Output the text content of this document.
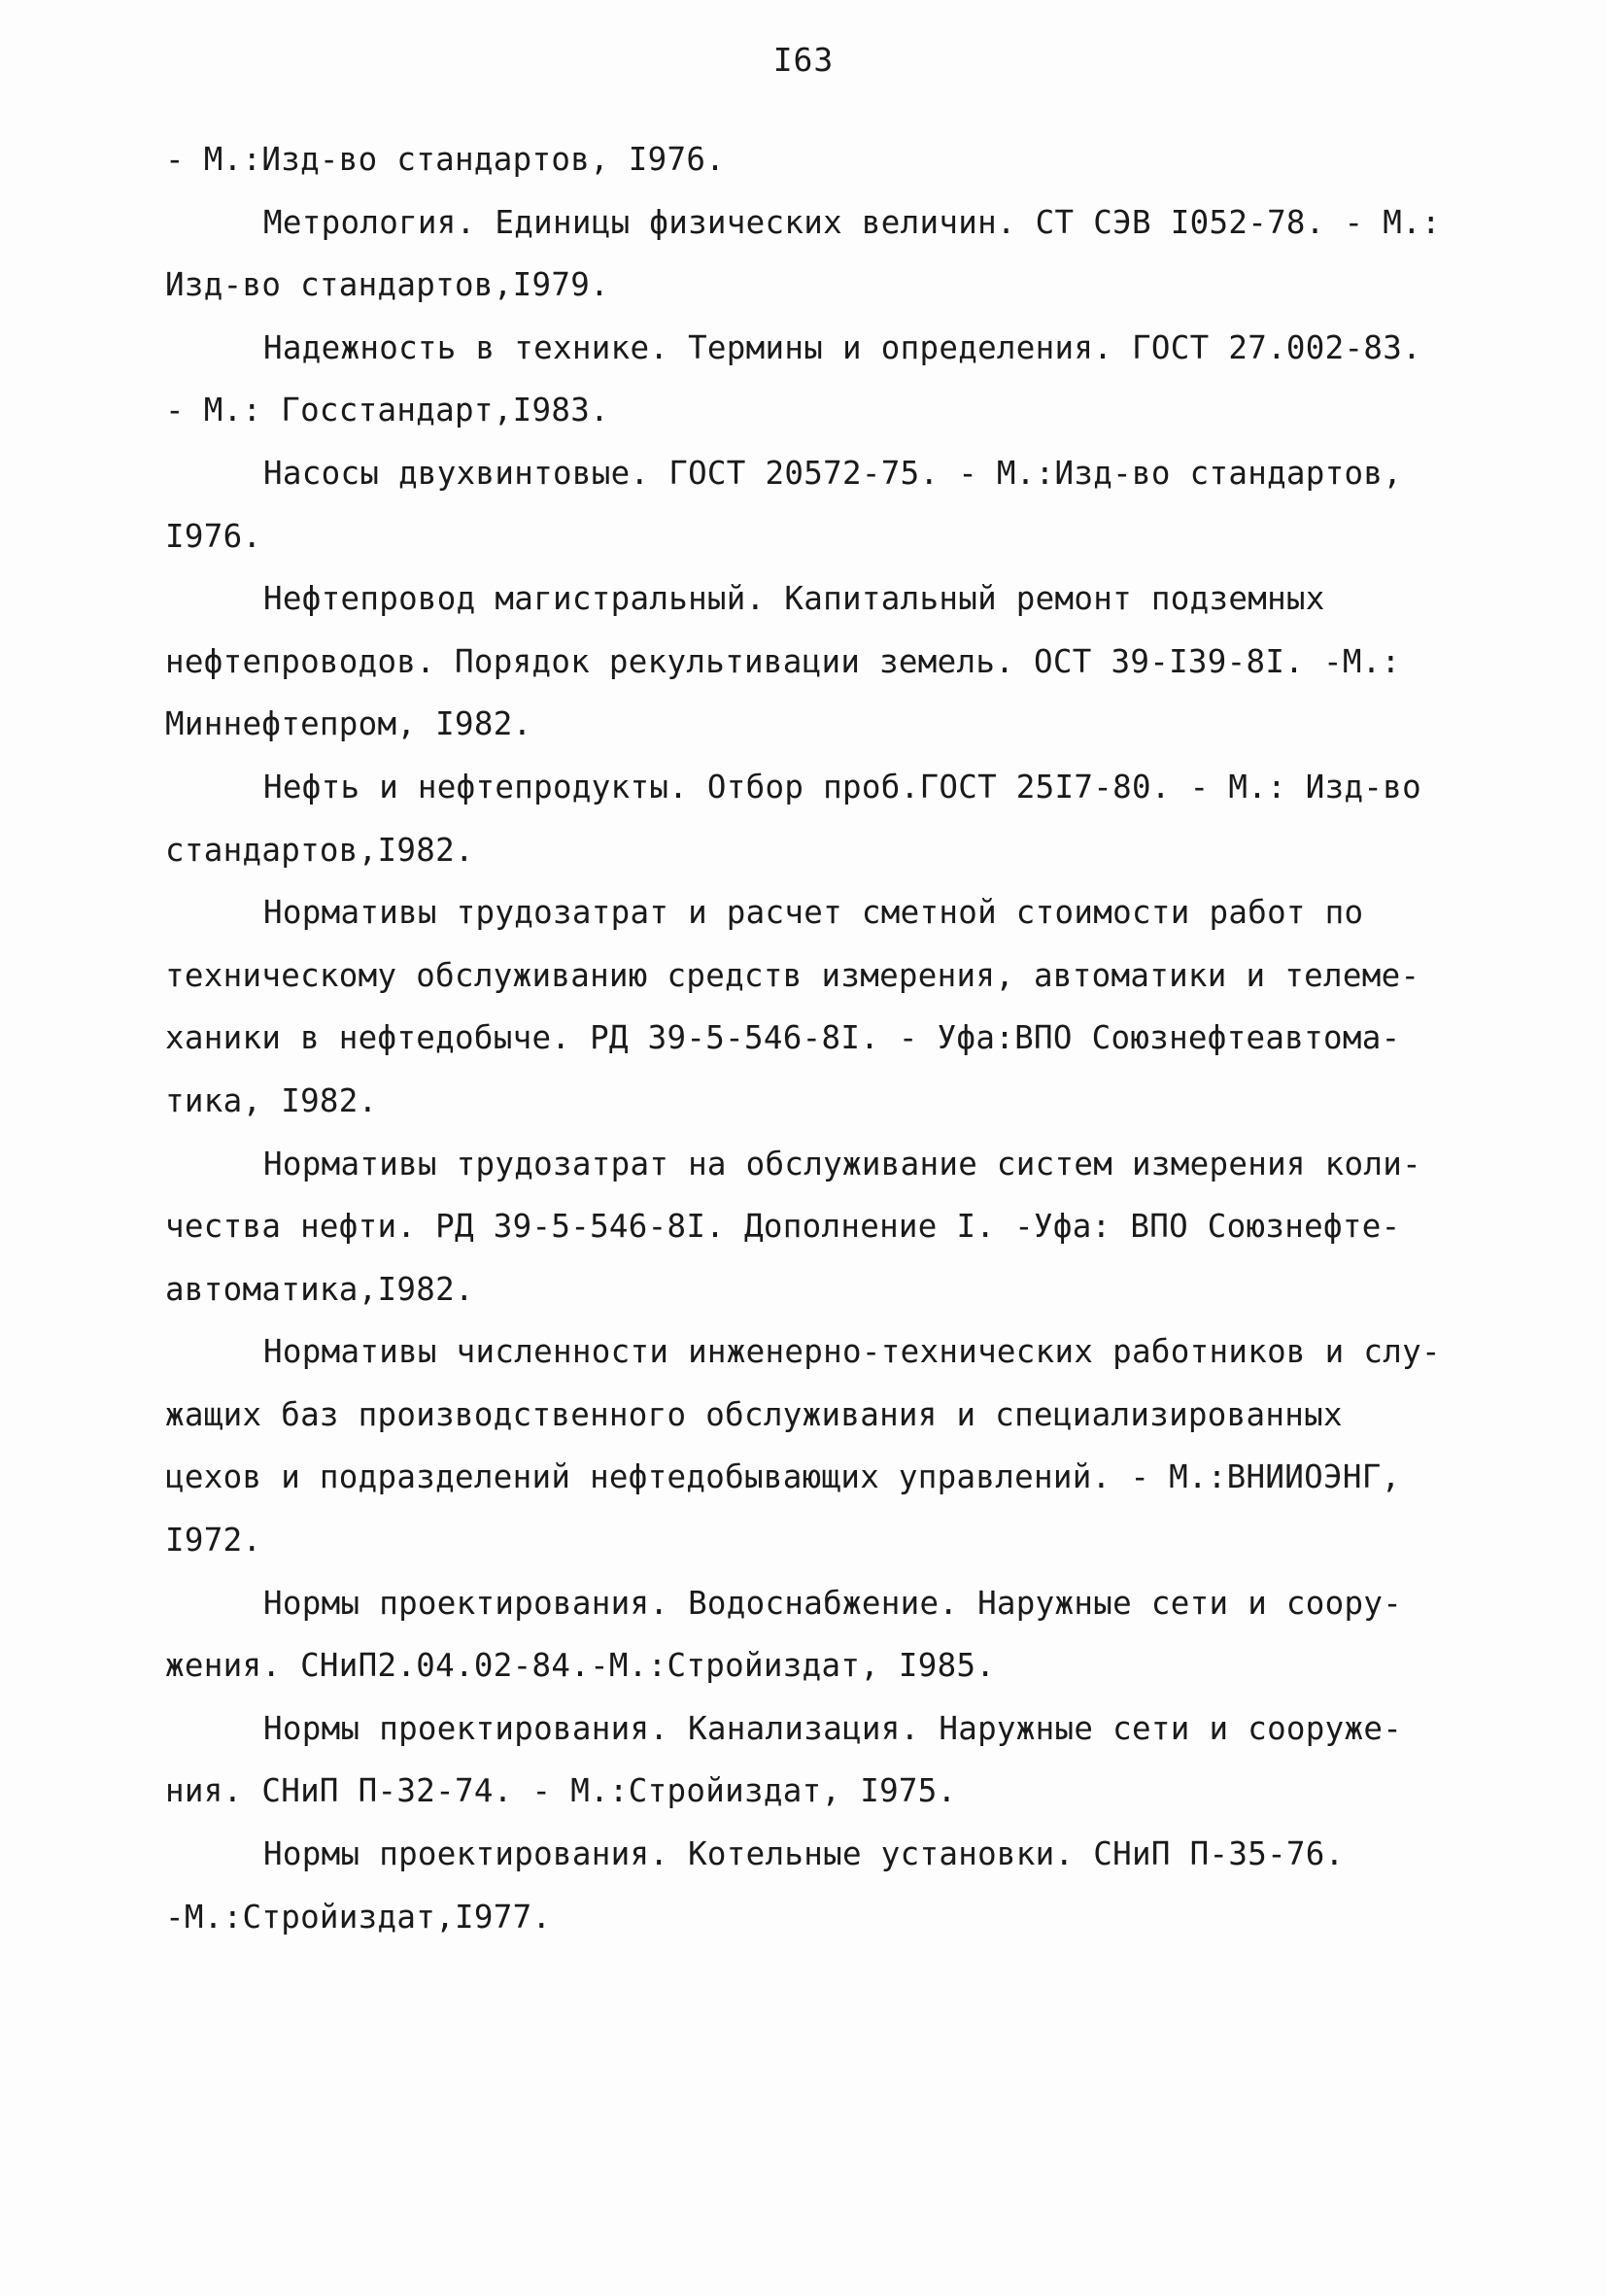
I63
- М.:Изд-во стандартов, I976.
Метрология. Единицы физических величин. СТ СЭВ I052-78. - М.:
Изд-во стандартов,I979.
Надежность в технике. Термины и определения. ГОСТ 27.002-83.
- М.: Госстандарт,I983.
Насосы двухвинтовые. ГОСТ 20572-75. - М.:Изд-во стандартов,
I976.
Нефтепровод магистральный. Капитальный ремонт подземных
нефтепроводов. Порядок рекультивации земель. ОСТ 39-I39-8I. -М.:
Миннефтепром, I982.
Нефть и нефтепродукты. Отбор проб.ГОСТ 25I7-80. - М.: Изд-во
стандартов,I982.
Нормативы трудозатрат и расчет сметной стоимости работ по
техническому обслуживанию средств измерения, автоматики и телеме-
ханики в нефтедобыче. РД 39-5-546-8I. - Уфа:ВПО Союзнефтеавтома-
тика, I982.
Нормативы трудозатрат на обслуживание систем измерения коли-
чества нефти. РД 39-5-546-8I. Дополнение I. -Уфа: ВПО Союзнефте-
автоматика,I982.
Нормативы численности инженерно-технических работников и слу-
жащих баз производственного обслуживания и специализированных
цехов и подразделений нефтедобывающих управлений. - М.:ВНИИОЭНГ,
I972.
Нормы проектирования. Водоснабжение. Наружные сети и соору-
жения. СНиП2.04.02-84.-М.:Стройиздат, I985.
Нормы проектирования. Канализация. Наружные сети и сооруже-
ния. СНиП П-32-74. - М.:Стройиздат, I975.
Нормы проектирования. Котельные установки. СНиП П-35-76.
-М.:Стройиздат,I977.
